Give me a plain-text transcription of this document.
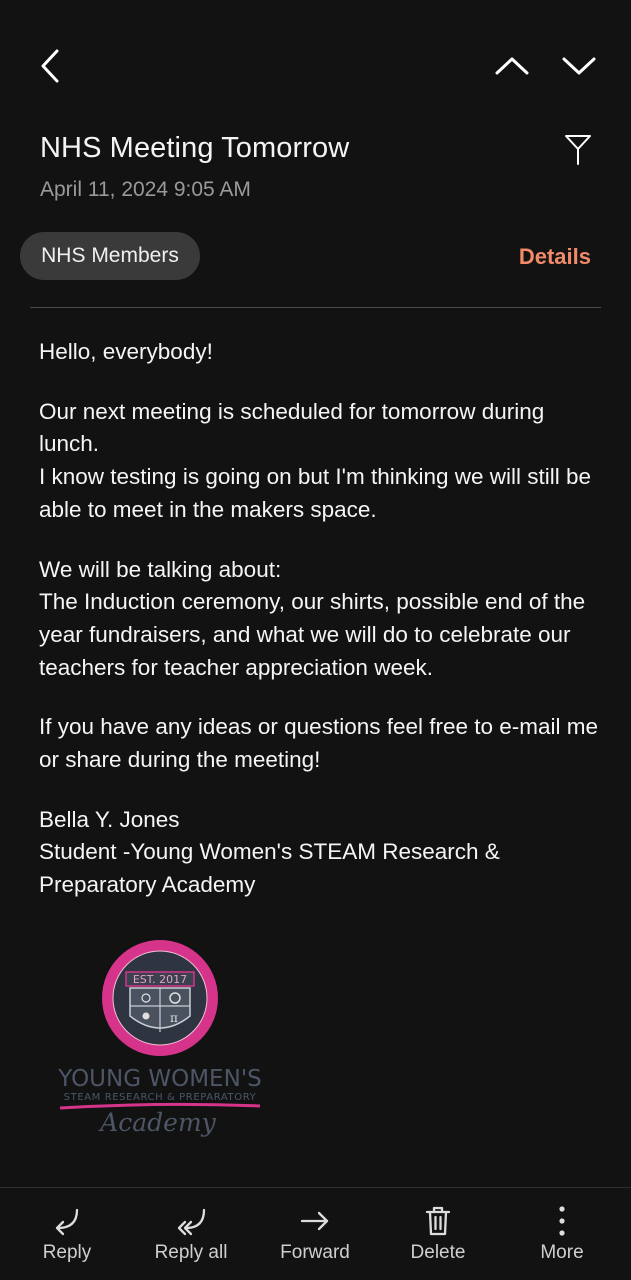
NHS Meeting Tomorrow
April 11, 2024 9:05 AM
NHS Members	Details

Hello, everybody!

Our next meeting is scheduled for tomorrow during lunch.
I know testing is going on but I'm thinking we will still be able to meet in the makers space.

We will be talking about:
The Induction ceremony, our shirts, possible end of the year fundraisers, and what we will do to celebrate our teachers for teacher appreciation week.

If you have any ideas or questions feel free to e-mail me or share during the meeting!

Bella Y. Jones
Student -Young Women's STEAM Research & Preparatory Academy

EST. 2017
π
YOUNG WOMEN'S
STEAM RESEARCH & PREPARATORY
Academy
Reply	Reply all	Forward	Delete	More
